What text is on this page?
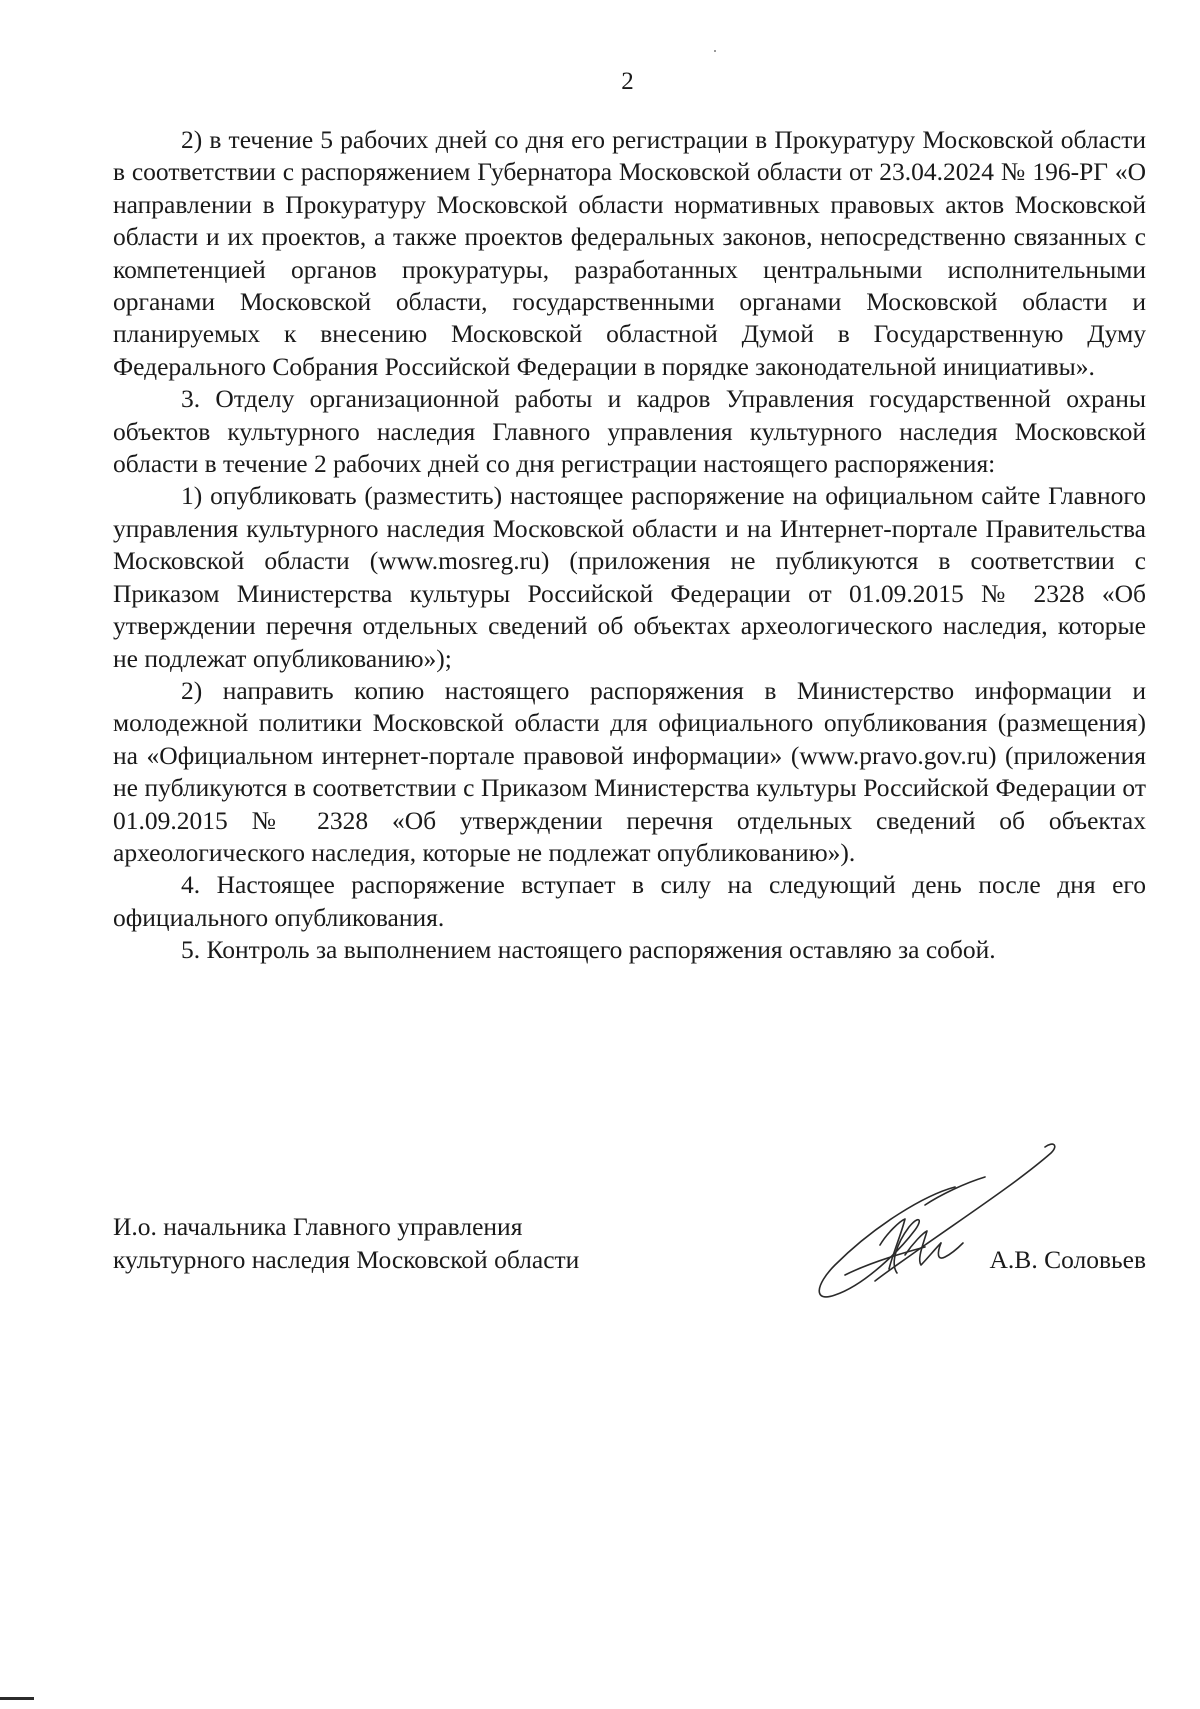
2

2) в течение 5 рабочих дней со дня его регистрации в Прокуратуру Московской области в соответствии с распоряжением Губернатора Московской области от 23.04.2024 № 196-РГ «О направлении в Прокуратуру Московской области нормативных правовых актов Московской области и их проектов, а также проектов федеральных законов, непосредственно связанных с компетенцией органов прокуратуры, разработанных центральными исполнительными органами Московской области, государственными органами Московской области и планируемых к внесению Московской областной Думой в Государственную Думу Федерального Собрания Российской Федерации в порядке законодательной инициативы».

3. Отделу организационной работы и кадров Управления государственной охраны объектов культурного наследия Главного управления культурного наследия Московской области в течение 2 рабочих дней со дня регистрации настоящего распоряжения:

1) опубликовать (разместить) настоящее распоряжение на официальном сайте Главного управления культурного наследия Московской области и на Интернет-портале Правительства Московской области (www.mosreg.ru) (приложения не публикуются в соответствии с Приказом Министерства культуры Российской Федерации от 01.09.2015 № 2328 «Об утверждении перечня отдельных сведений об объектах археологического наследия, которые не подлежат опубликованию»);

2) направить копию настоящего распоряжения в Министерство информации и молодежной политики Московской области для официального опубликования (размещения) на «Официальном интернет-портале правовой информации» (www.pravo.gov.ru) (приложения не публикуются в соответствии с Приказом Министерства культуры Российской Федерации от 01.09.2015 № 2328 «Об утверждении перечня отдельных сведений об объектах археологического наследия, которые не подлежат опубликованию»).

4. Настоящее распоряжение вступает в силу на следующий день после дня его официального опубликования.

5. Контроль за выполнением настоящего распоряжения оставляю за собой.

И.о. начальника Главного управления
культурного наследия Московской области	А.В. Соловьев
